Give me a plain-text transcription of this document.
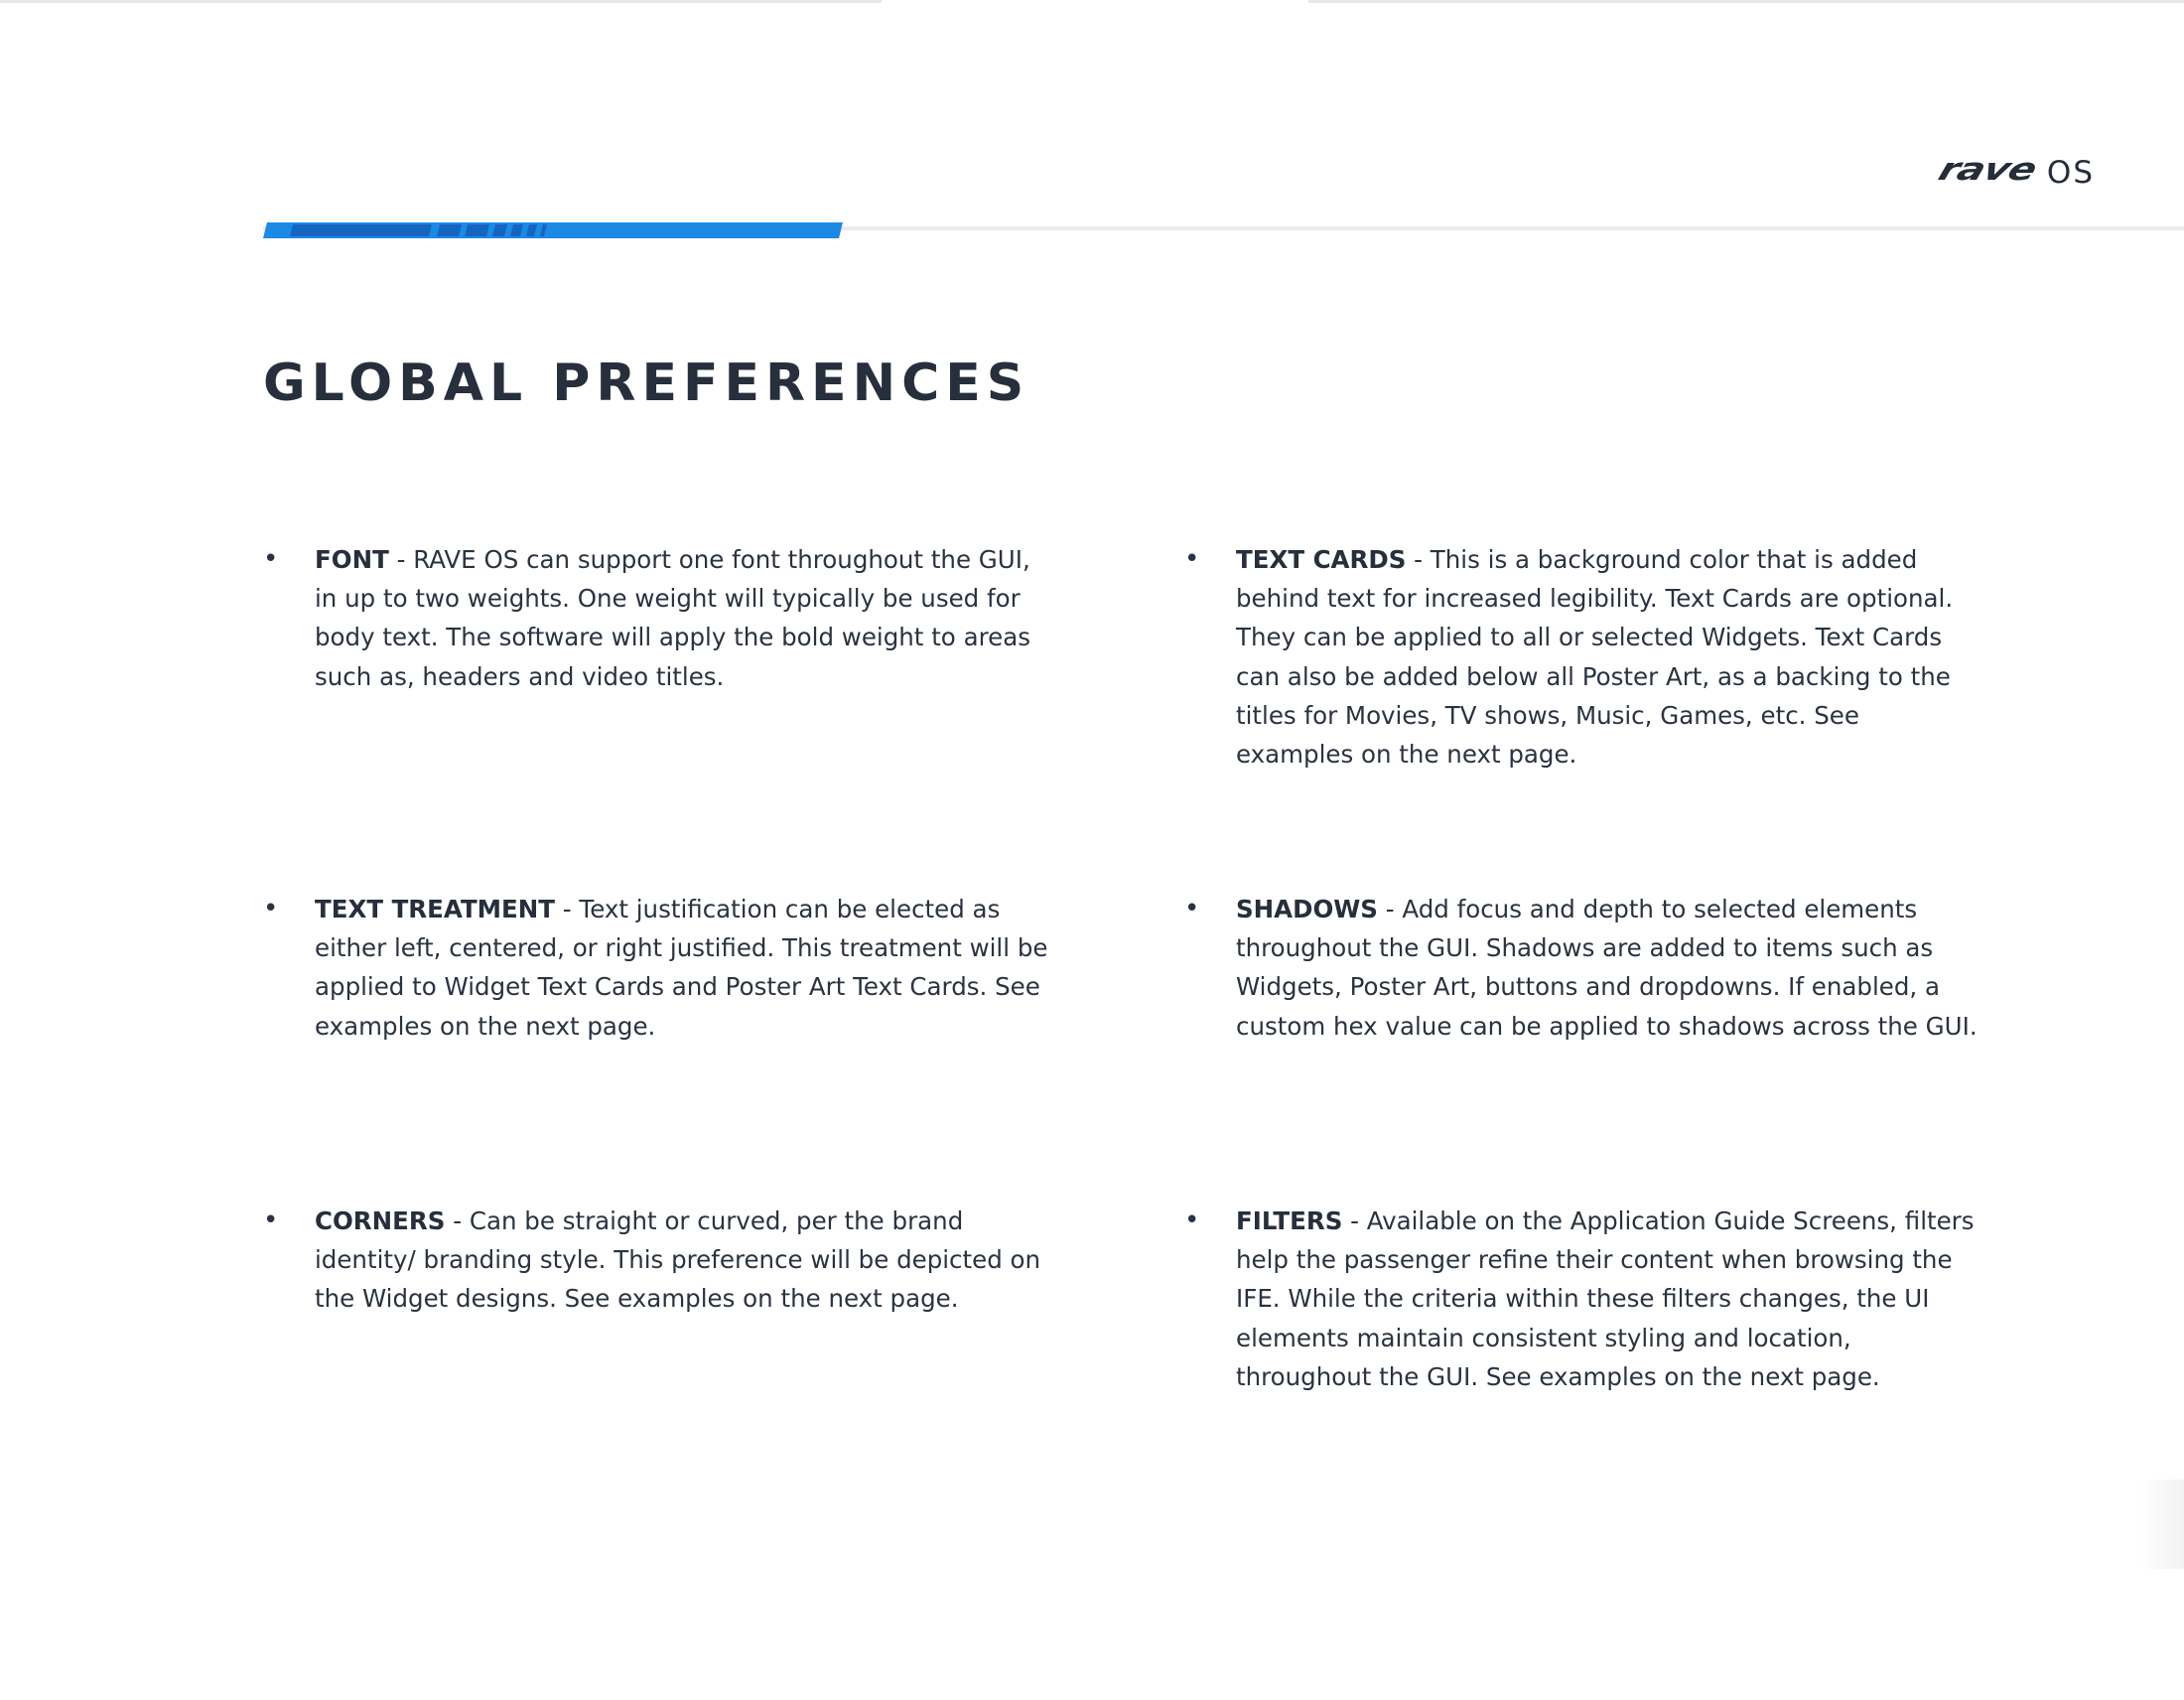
rave OS
GLOBAL PREFERENCES
• FONT - RAVE OS can support one font throughout the GUI, in up to two weights. One weight will typically be used for body text. The software will apply the bold weight to areas such as, headers and video titles.

• TEXT CARDS - This is a background color that is added behind text for increased legibility. Text Cards are optional. They can be applied to all or selected Widgets. Text Cards can also be added below all Poster Art, as a backing to the titles for Movies, TV shows, Music, Games, etc. See examples on the next page.

• TEXT TREATMENT - Text justification can be elected as either left, centered, or right justified. This treatment will be applied to Widget Text Cards and Poster Art Text Cards. See examples on the next page.

• SHADOWS - Add focus and depth to selected elements throughout the GUI. Shadows are added to items such as Widgets, Poster Art, buttons and dropdowns. If enabled, a custom hex value can be applied to shadows across the GUI.

• CORNERS - Can be straight or curved, per the brand identity/ branding style. This preference will be depicted on the Widget designs. See examples on the next page.

• FILTERS - Available on the Application Guide Screens, filters help the passenger refine their content when browsing the IFE. While the criteria within these filters changes, the UI elements maintain consistent styling and location, throughout the GUI. See examples on the next page.
